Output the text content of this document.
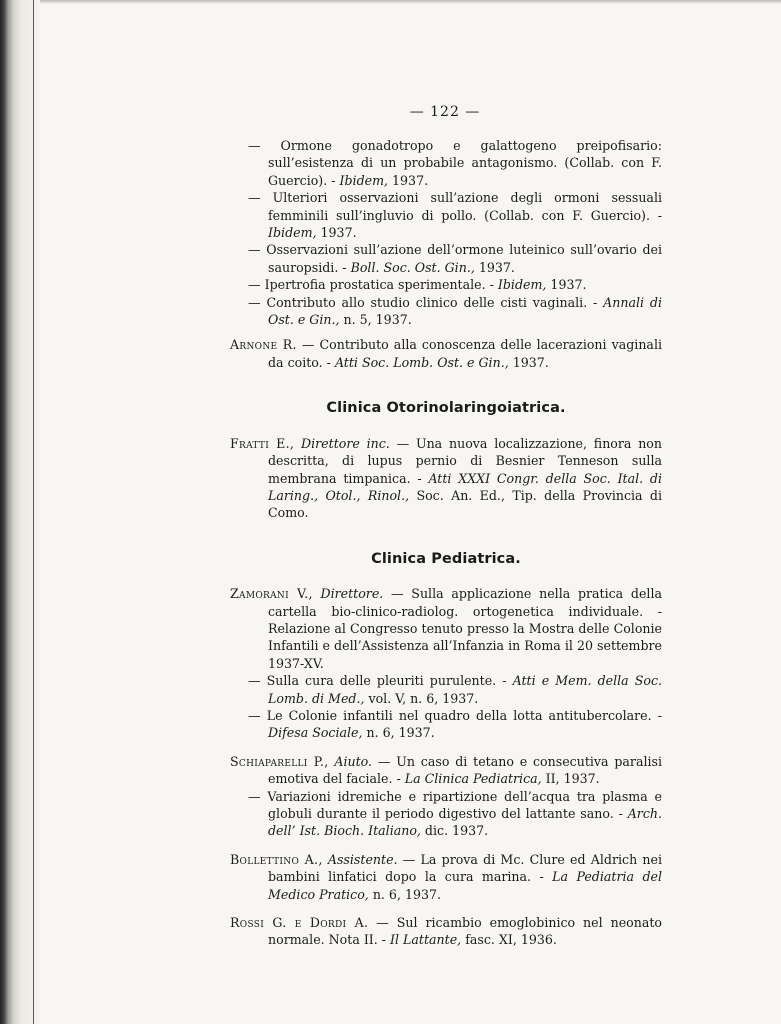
— 122 —

— Ormone gonadotropo e galattogeno preipofisario: sull’esistenza di un probabile antagonismo. (Collab. con F. Guercio). - Ibidem, 1937.

— Ulteriori osservazioni sull’azione degli ormoni sessuali femminili sull’ingluvio di pollo. (Collab. con F. Guercio). - Ibidem, 1937.

— Osservazioni sull’azione dell’ormone luteinico sull’ovario dei sauropsidi. - Boll. Soc. Ost. Gin., 1937.

— Ipertrofia prostatica sperimentale. - Ibidem, 1937.

— Contributo allo studio clinico delle cisti vaginali. - Annali di Ost. e Gin., n. 5, 1937.

Arnone R. — Contributo alla conoscenza delle lacerazioni vaginali da coito. - Atti Soc. Lomb. Ost. e Gin., 1937.

Clinica Otorinolaringoiatrica.

Fratti E., Direttore inc. — Una nuova localizzazione, finora non descritta, di lupus pernio di Besnier Tenneson sulla membrana timpanica. - Atti XXXI Congr. della Soc. Ital. di Laring., Otol., Rinol., Soc. An. Ed., Tip. della Provincia di Como.

Clinica Pediatrica.

Zamorani V., Direttore. — Sulla applicazione nella pratica della cartella bio-clinico-radiolog. ortogenetica individuale. - Relazione al Congresso tenuto presso la Mostra delle Colonie Infantili e dell’Assistenza all’Infanzia in Roma il 20 settembre 1937-XV.

— Sulla cura delle pleuriti purulente. - Atti e Mem. della Soc. Lomb. di Med., vol. V, n. 6, 1937.

— Le Colonie infantili nel quadro della lotta antitubercolare. - Difesa Sociale, n. 6, 1937.

Schiaparelli P., Aiuto. — Un caso di tetano e consecutiva paralisi emotiva del faciale. - La Clinica Pediatrica, II, 1937.

— Variazioni idremiche e ripartizione dell’acqua tra plasma e globuli durante il periodo digestivo del lattante sano. - Arch. dell’ Ist. Bioch. Italiano, dic. 1937.

Bollettino A., Assistente. — La prova di Mc. Clure ed Aldrich nei bambini linfatici dopo la cura marina. - La Pediatria del Medico Pratico, n. 6, 1937.

Rossi G. e Dordi A. — Sul ricambio emoglobinico nel neonato normale. Nota II. - Il Lattante, fasc. XI, 1936.
